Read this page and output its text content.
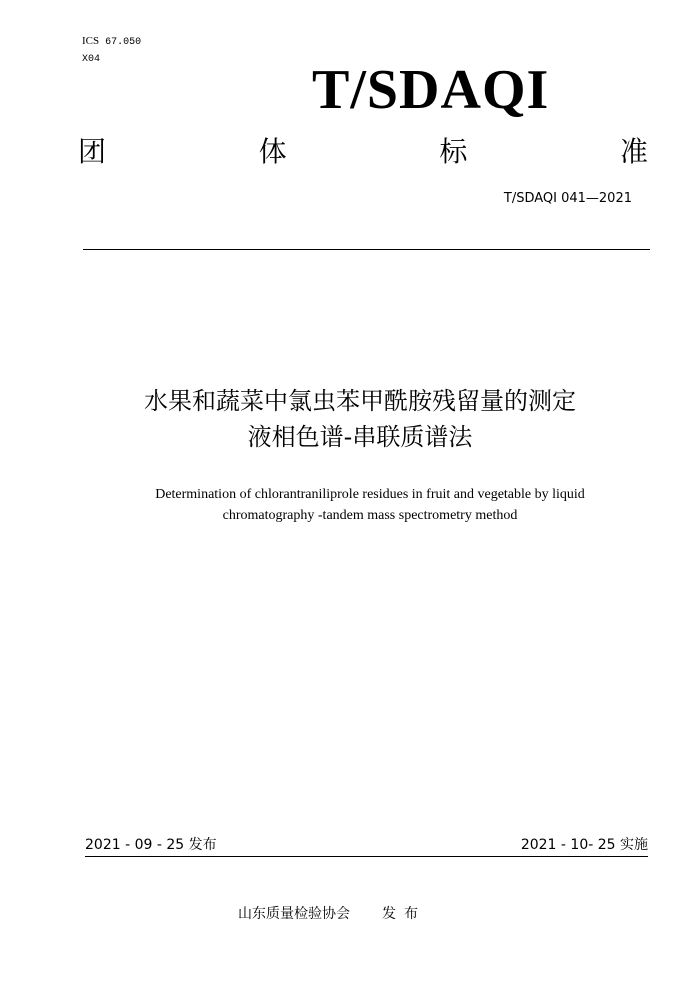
ICS 67.050
X04	T/SDAQI
团	体	标	准
T/SDAQI 041—2021
水果和蔬菜中氯虫苯甲酰胺残留量的测定
液相色谱-串联质谱法
Determination of chlorantraniliprole residues in fruit and vegetable by liquid
chromatography -tandem mass spectrometry method
2021 - 09 - 25 发布	2021 - 10- 25 实施
山东质量检验协会 发布
